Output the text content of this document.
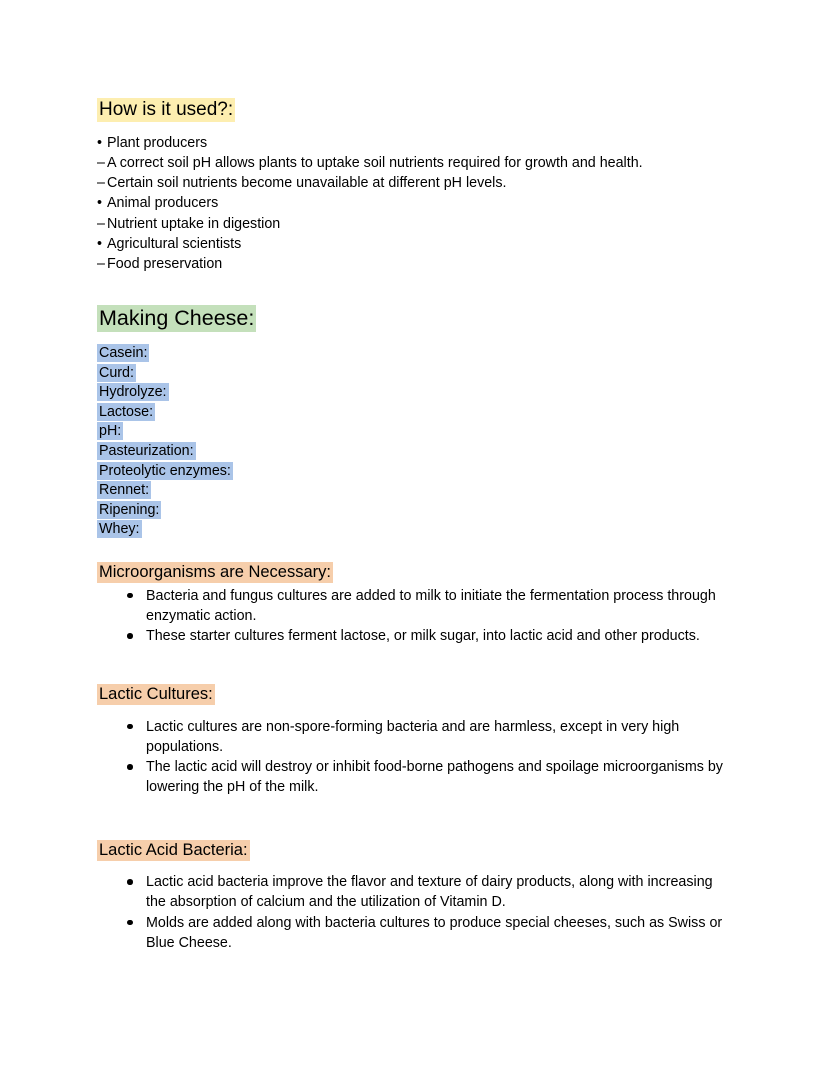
How is it used?:
• Plant producers
– A correct soil pH allows plants to uptake soil nutrients required for growth and health.
– Certain soil nutrients become unavailable at different pH levels.
• Animal producers
– Nutrient uptake in digestion
• Agricultural scientists
– Food preservation
Making Cheese:
Casein:
Curd:
Hydrolyze:
Lactose:
pH:
Pasteurization:
Proteolytic enzymes:
Rennet:
Ripening:
Whey:
Microorganisms are Necessary:
Bacteria and fungus cultures are added to milk to initiate the fermentation process through enzymatic action.
These starter cultures ferment lactose, or milk sugar, into lactic acid and other products.
Lactic Cultures:
Lactic cultures are non-spore-forming bacteria and are harmless, except in very high populations.
The lactic acid will destroy or inhibit food-borne pathogens and spoilage microorganisms by lowering the pH of the milk.
Lactic Acid Bacteria:
Lactic acid bacteria improve the flavor and texture of dairy products, along with increasing the absorption of calcium and the utilization of Vitamin D.
Molds are added along with bacteria cultures to produce special cheeses, such as Swiss or Blue Cheese.
